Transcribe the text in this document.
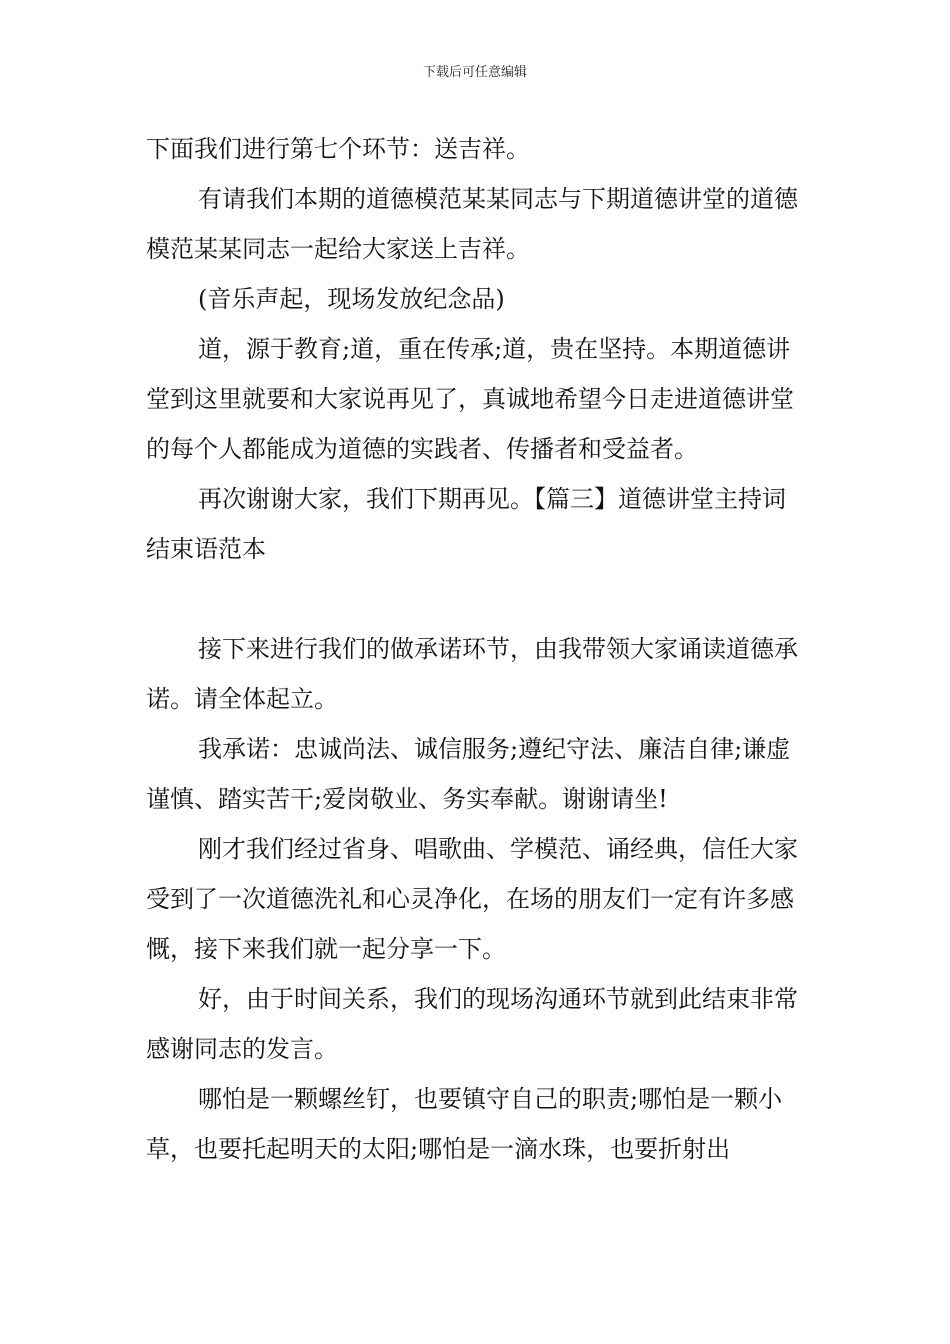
下载后可任意编辑

下面我们进行第七个环节：送吉祥。

有请我们本期的道德模范某某同志与下期道德讲堂的道德模范某某同志一起给大家送上吉祥。

(音乐声起，现场发放纪念品)

道，源于教育;道，重在传承;道，贵在坚持。本期道德讲堂到这里就要和大家说再见了，真诚地希望今日走进道德讲堂的每个人都能成为道德的实践者、传播者和受益者。

再次谢谢大家，我们下期再见。【篇三】道德讲堂主持词结束语范本

接下来进行我们的做承诺环节，由我带领大家诵读道德承诺。请全体起立。

我承诺：忠诚尚法、诚信服务;遵纪守法、廉洁自律;谦虚谨慎、踏实苦干;爱岗敬业、务实奉献。谢谢请坐!

刚才我们经过省身、唱歌曲、学模范、诵经典，信任大家受到了一次道德洗礼和心灵净化，在场的朋友们一定有许多感慨，接下来我们就一起分享一下。

好，由于时间关系，我们的现场沟通环节就到此结束非常感谢同志的发言。

哪怕是一颗螺丝钉，也要镇守自己的职责;哪怕是一颗小草，也要托起明天的太阳;哪怕是一滴水珠，也要折射出
